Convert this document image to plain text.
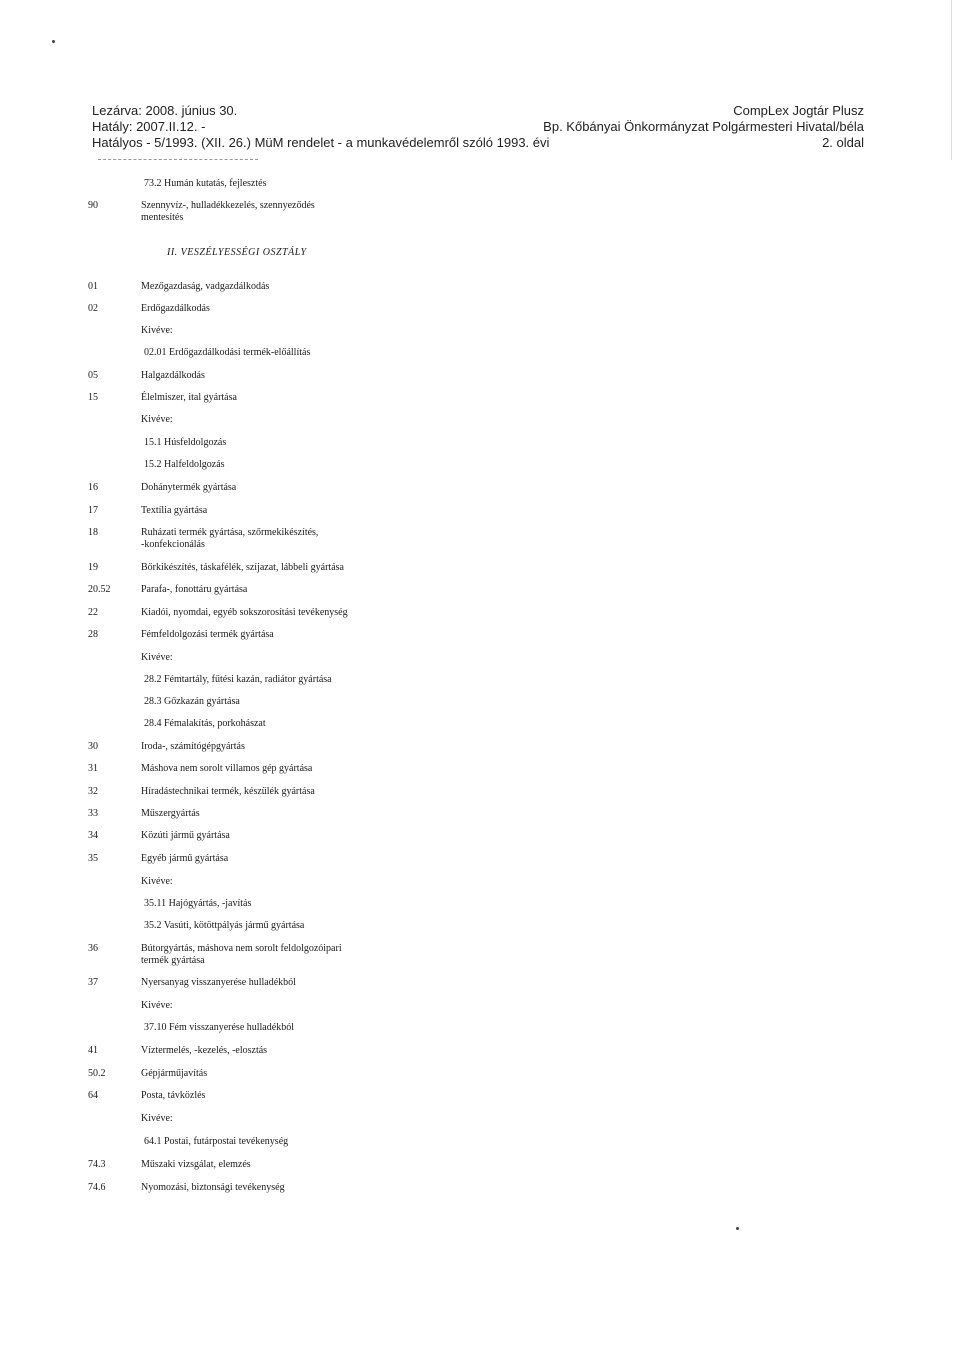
Lezárva: 2008. június 30.
Hatály: 2007.II.12. -
Hatályos - 5/1993. (XII. 26.) MüM rendelet - a munkavédelemről szóló 1993. évi
CompLex Jogtár Plusz
Bp. Kőbányai Önkormányzat Polgármesteri Hivatal/béla
2. oldal
73.2 Humán kutatás, fejlesztés
90	Szennyvíz-, hulladékkezelés, szennyeződés
mentesítés
II. VESZÉLYESSÉGI OSZTÁLY
01	Mezőgazdaság, vadgazdálkodás
02	Erdőgazdálkodás
Kivéve:
02.01 Erdőgazdálkodási termék-előállítás
05	Halgazdálkodás
15	Élelmiszer, ital gyártása
Kivéve:
15.1 Húsfeldolgozás
15.2 Halfeldolgozás
16	Dohánytermék gyártása
17	Textília gyártása
18	Ruházati termék gyártása, szőrmekikészítés,
-konfekcionálás
19	Bőrkikészítés, táskafélék, szíjazat, lábbeli gyártása
20.52	Parafa-, fonottáru gyártása
22	Kiadói, nyomdai, egyéb sokszorosítási tevékenység
28	Fémfeldolgozási termék gyártása
Kivéve:
28.2 Fémtartály, fűtési kazán, radiátor gyártása
28.3 Gőzkazán gyártása
28.4 Fémalakítás, porkohászat
30	Iroda-, számítógépgyártás
31	Máshova nem sorolt villamos gép gyártása
32	Híradástechnikai termék, készülék gyártása
33	Műszergyártás
34	Közúti jármű gyártása
35	Egyéb jármű gyártása
Kivéve:
35.11 Hajógyártás, -javítás
35.2 Vasúti, kötöttpályás jármű gyártása
36	Bútorgyártás, máshova nem sorolt feldolgozóipari
termék gyártása
37	Nyersanyag visszanyerése hulladékból
Kivéve:
37.10 Fém visszanyerése hulladékból
41	Víztermelés, -kezelés, -elosztás
50.2	Gépjárműjavítás
64	Posta, távközlés
Kivéve:
64.1 Postai, futárpostai tevékenység
74.3	Műszaki vizsgálat, elemzés
74.6	Nyomozási, biztonsági tevékenység
